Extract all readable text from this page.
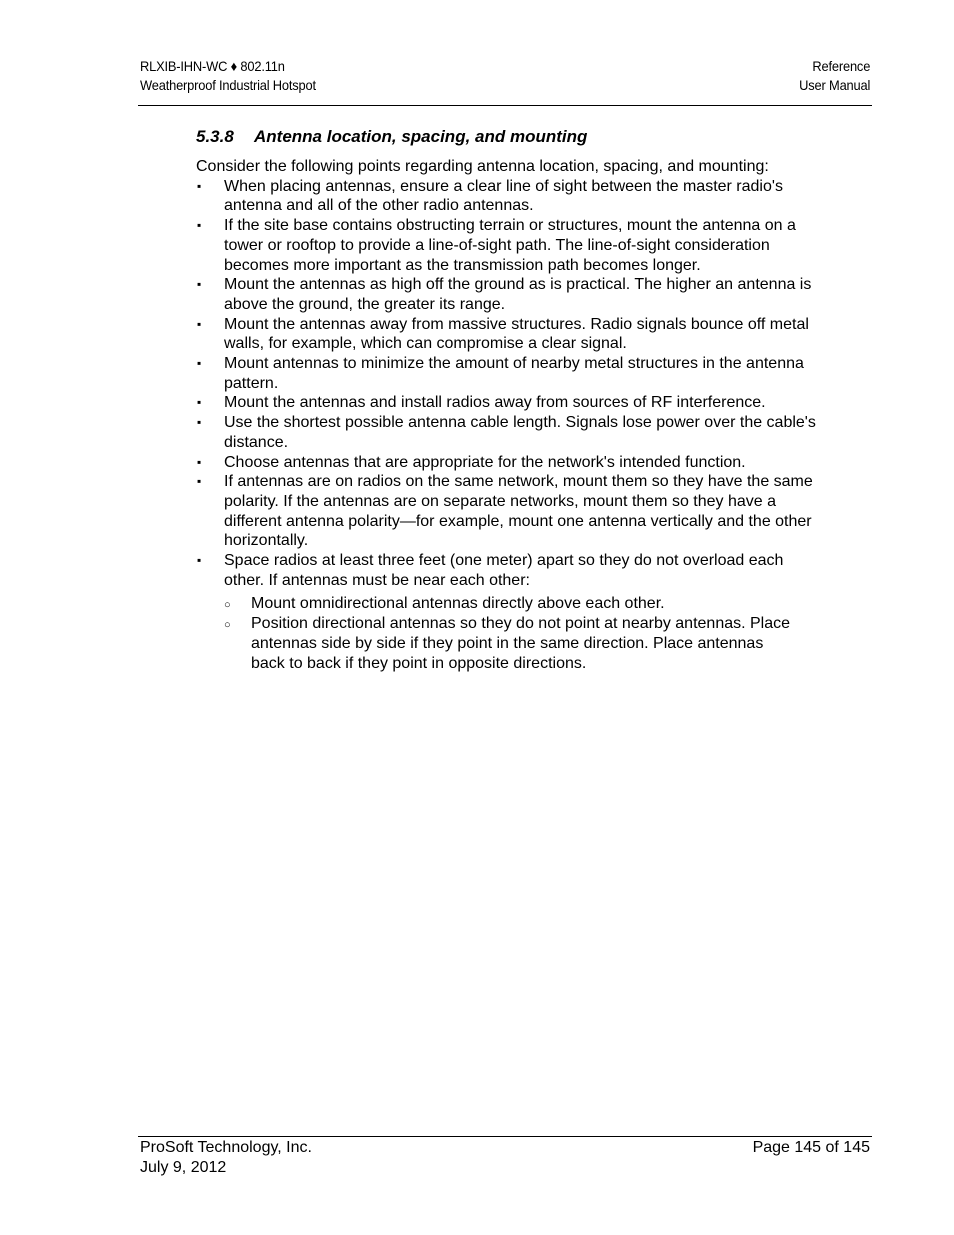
RLXIB-IHN-WC ♦ 802.11n
Weatherproof Industrial Hotspot
Reference
User Manual
5.3.8 Antenna location, spacing, and mounting

Consider the following points regarding antenna location, spacing, and mounting:

▪	When placing antennas, ensure a clear line of sight between the master radio's antenna and all of the other radio antennas.
▪	If the site base contains obstructing terrain or structures, mount the antenna on a tower or rooftop to provide a line-of-sight path. The line-of-sight consideration becomes more important as the transmission path becomes longer.
▪	Mount the antennas as high off the ground as is practical. The higher an antenna is above the ground, the greater its range.
▪	Mount the antennas away from massive structures. Radio signals bounce off metal walls, for example, which can compromise a clear signal.
▪	Mount antennas to minimize the amount of nearby metal structures in the antenna pattern.
▪	Mount the antennas and install radios away from sources of RF interference.
▪	Use the shortest possible antenna cable length. Signals lose power over the cable's distance.
▪	Choose antennas that are appropriate for the network's intended function.
▪	If antennas are on radios on the same network, mount them so they have the same polarity. If the antennas are on separate networks, mount them so they have a different antenna polarity—for example, mount one antenna vertically and the other horizontally.
▪	Space radios at least three feet (one meter) apart so they do not overload each other. If antennas must be near each other:
○ Mount omnidirectional antennas directly above each other.
○ Position directional antennas so they do not point at nearby antennas. Place antennas side by side if they point in the same direction. Place antennas back to back if they point in opposite directions.
ProSoft Technology, Inc.
July 9, 2012
Page 145 of 145
